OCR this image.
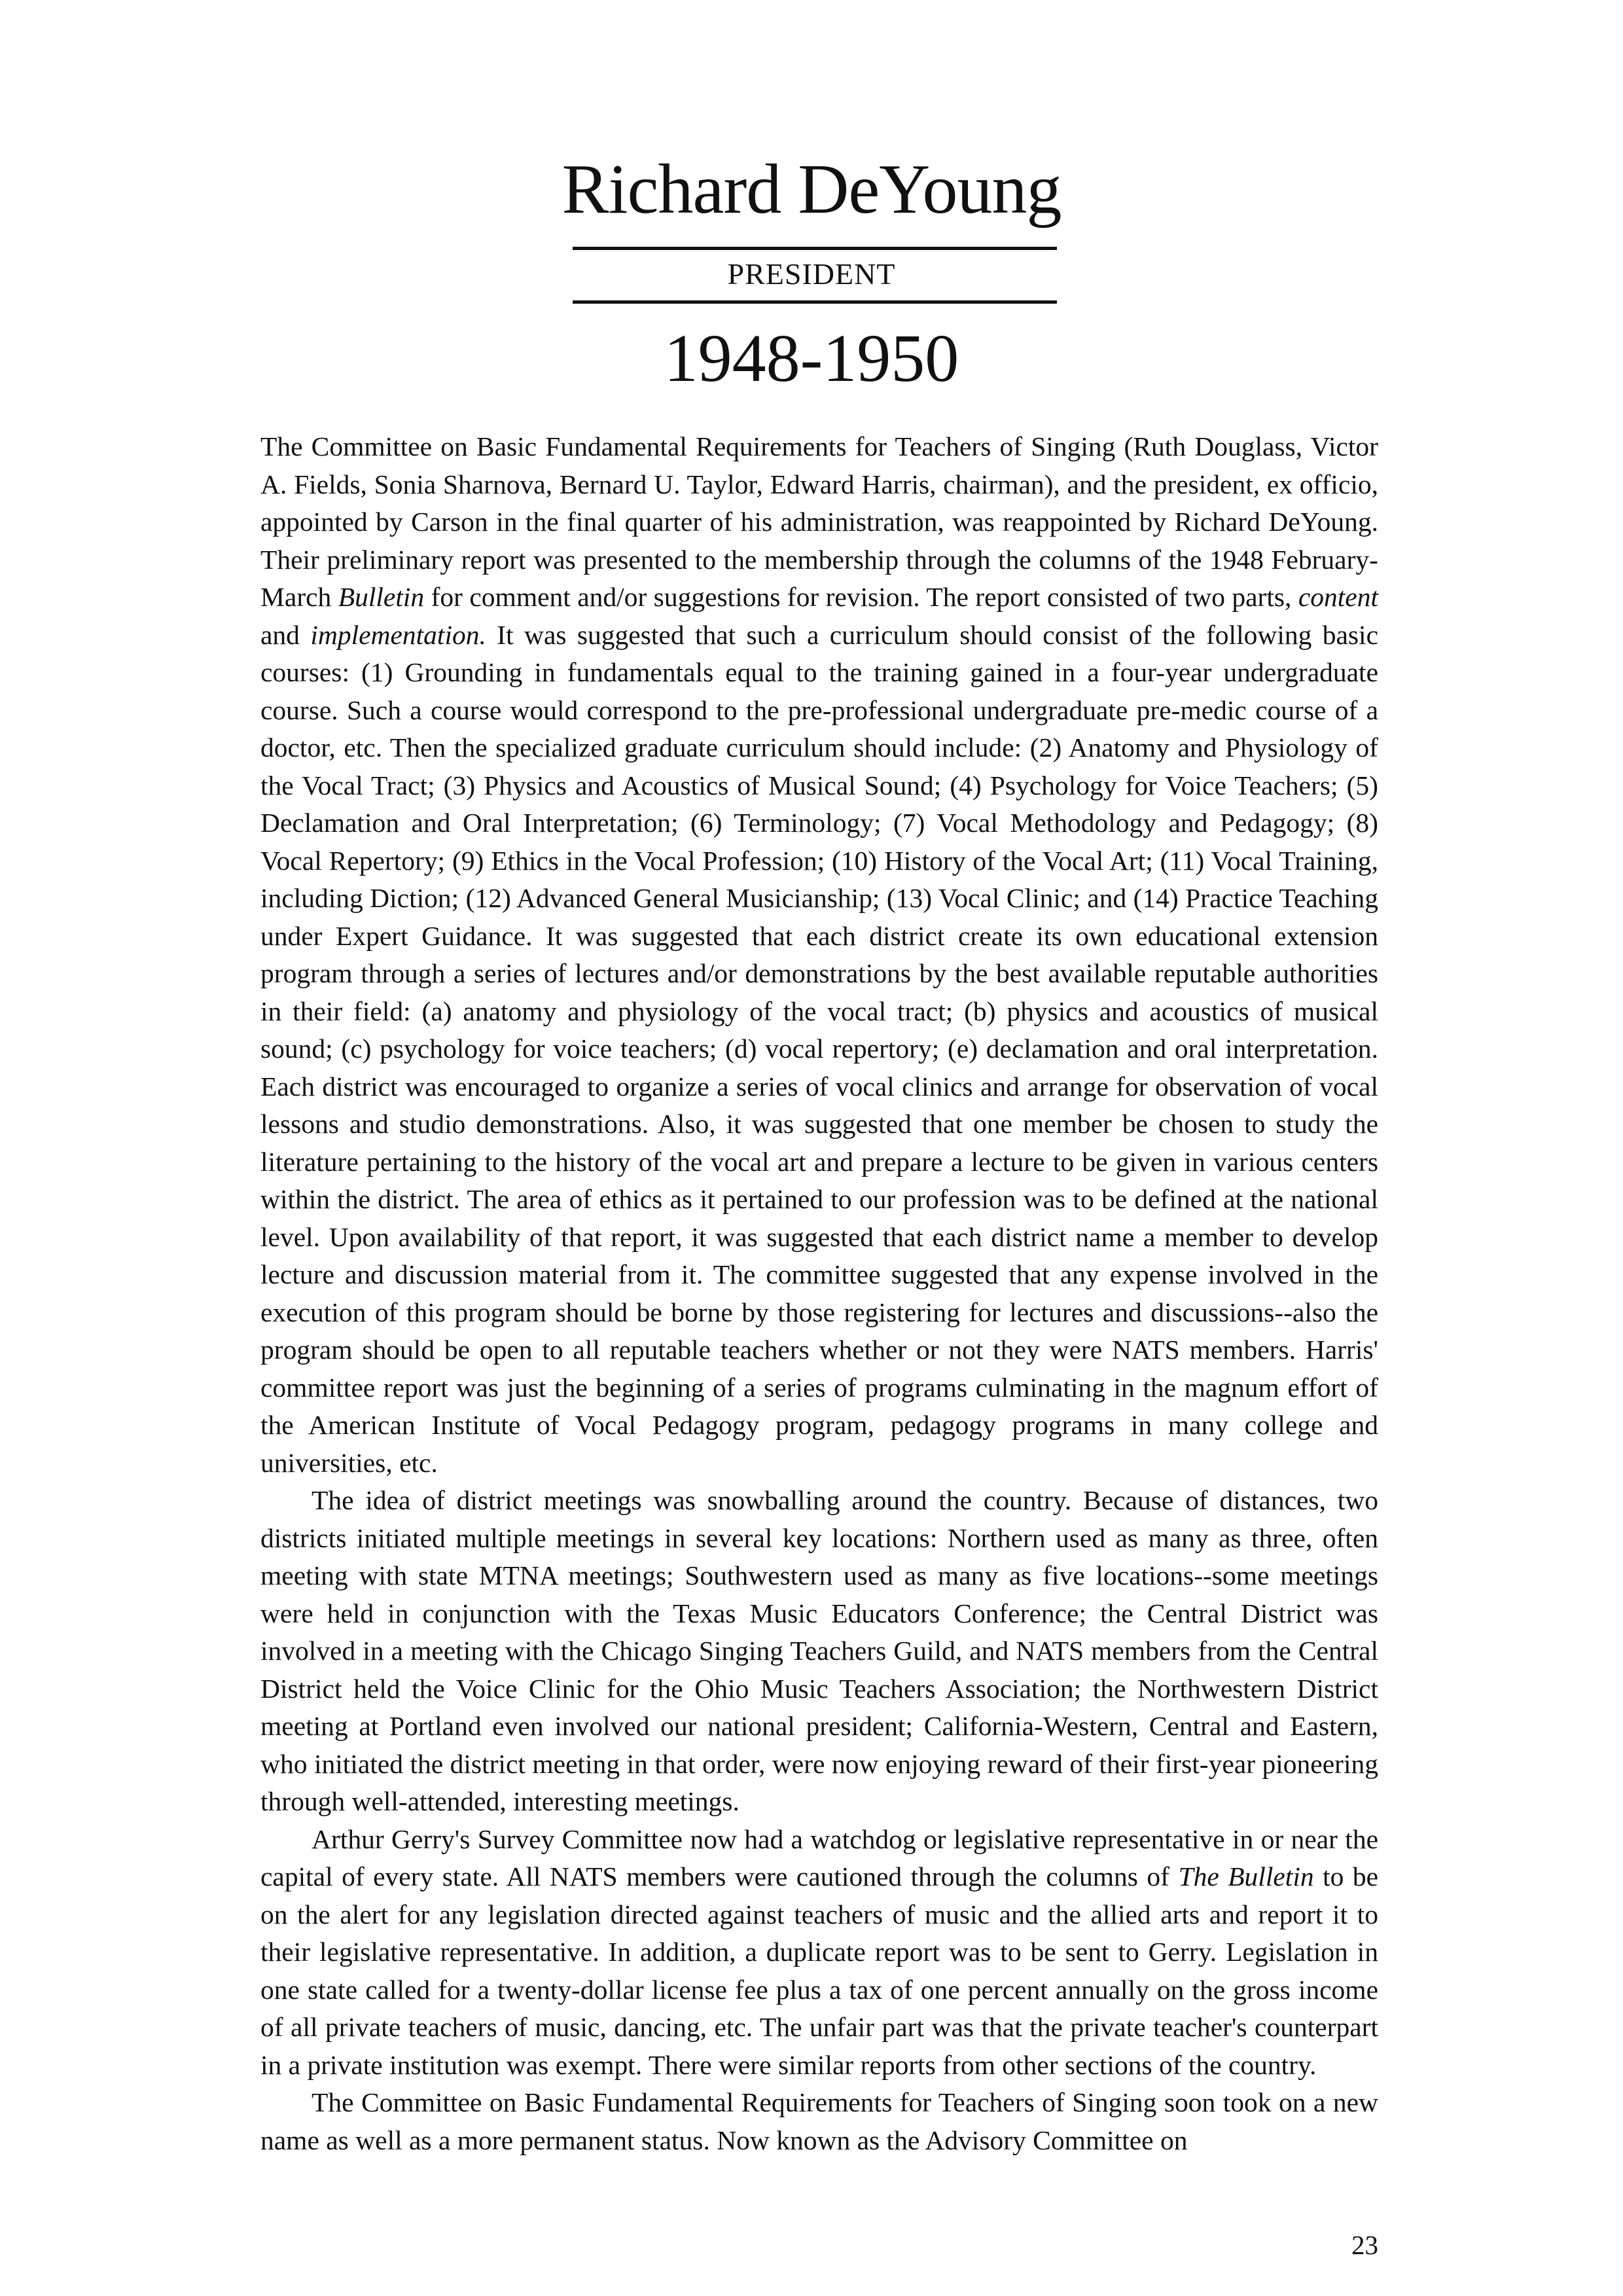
Richard DeYoung
PRESIDENT
1948-1950

The Committee on Basic Fundamental Requirements for Teachers of Singing (Ruth Douglass, Victor A. Fields, Sonia Sharnova, Bernard U. Taylor, Edward Harris, chairman), and the president, ex officio, appointed by Carson in the final quarter of his administration, was reappointed by Richard DeYoung. Their preliminary report was presented to the membership through the columns of the 1948 February-March Bulletin for comment and/or suggestions for revision. The report consisted of two parts, content and implementation. It was suggested that such a curriculum should consist of the following basic courses: (1) Grounding in fundamentals equal to the training gained in a four-year undergraduate course. Such a course would correspond to the pre-professional undergraduate pre-medic course of a doctor, etc. Then the specialized graduate curriculum should include: (2) Anatomy and Physiology of the Vocal Tract; (3) Physics and Acoustics of Musical Sound; (4) Psychology for Voice Teachers; (5) Declamation and Oral Interpretation; (6) Terminology; (7) Vocal Methodology and Pedagogy; (8) Vocal Repertory; (9) Ethics in the Vocal Profession; (10) History of the Vocal Art; (11) Vocal Training, including Diction; (12) Advanced General Musicianship; (13) Vocal Clinic; and (14) Practice Teaching under Expert Guidance. It was suggested that each district create its own educational extension program through a series of lectures and/or demonstrations by the best available reputable authorities in their field: (a) anatomy and physiology of the vocal tract; (b) physics and acoustics of musical sound; (c) psychology for voice teachers; (d) vocal repertory; (e) declamation and oral interpretation. Each district was encouraged to organize a series of vocal clinics and arrange for observation of vocal lessons and studio demonstrations. Also, it was suggested that one member be chosen to study the literature pertaining to the history of the vocal art and prepare a lecture to be given in various centers within the district. The area of ethics as it pertained to our profession was to be defined at the national level. Upon availability of that report, it was suggested that each district name a member to develop lecture and discussion material from it. The committee suggested that any expense involved in the execution of this program should be borne by those registering for lectures and discussions--also the program should be open to all reputable teachers whether or not they were NATS members. Harris' committee report was just the beginning of a series of programs culminating in the magnum effort of the American Institute of Vocal Pedagogy program, pedagogy programs in many college and universities, etc.

The idea of district meetings was snowballing around the country. Because of distances, two districts initiated multiple meetings in several key locations: Northern used as many as three, often meeting with state MTNA meetings; Southwestern used as many as five locations--some meetings were held in conjunction with the Texas Music Educators Conference; the Central District was involved in a meeting with the Chicago Singing Teachers Guild, and NATS members from the Central District held the Voice Clinic for the Ohio Music Teachers Association; the Northwestern District meeting at Portland even involved our national president; California-Western, Central and Eastern, who initiated the district meeting in that order, were now enjoying reward of their first-year pioneering through well-attended, interesting meetings.

Arthur Gerry's Survey Committee now had a watchdog or legislative representative in or near the capital of every state. All NATS members were cautioned through the columns of The Bulletin to be on the alert for any legislation directed against teachers of music and the allied arts and report it to their legislative representative. In addition, a duplicate report was to be sent to Gerry. Legislation in one state called for a twenty-dollar license fee plus a tax of one percent annually on the gross income of all private teachers of music, dancing, etc. The unfair part was that the private teacher's counterpart in a private institution was exempt. There were similar reports from other sections of the country.

The Committee on Basic Fundamental Requirements for Teachers of Singing soon took on a new name as well as a more permanent status. Now known as the Advisory Committee on

23
